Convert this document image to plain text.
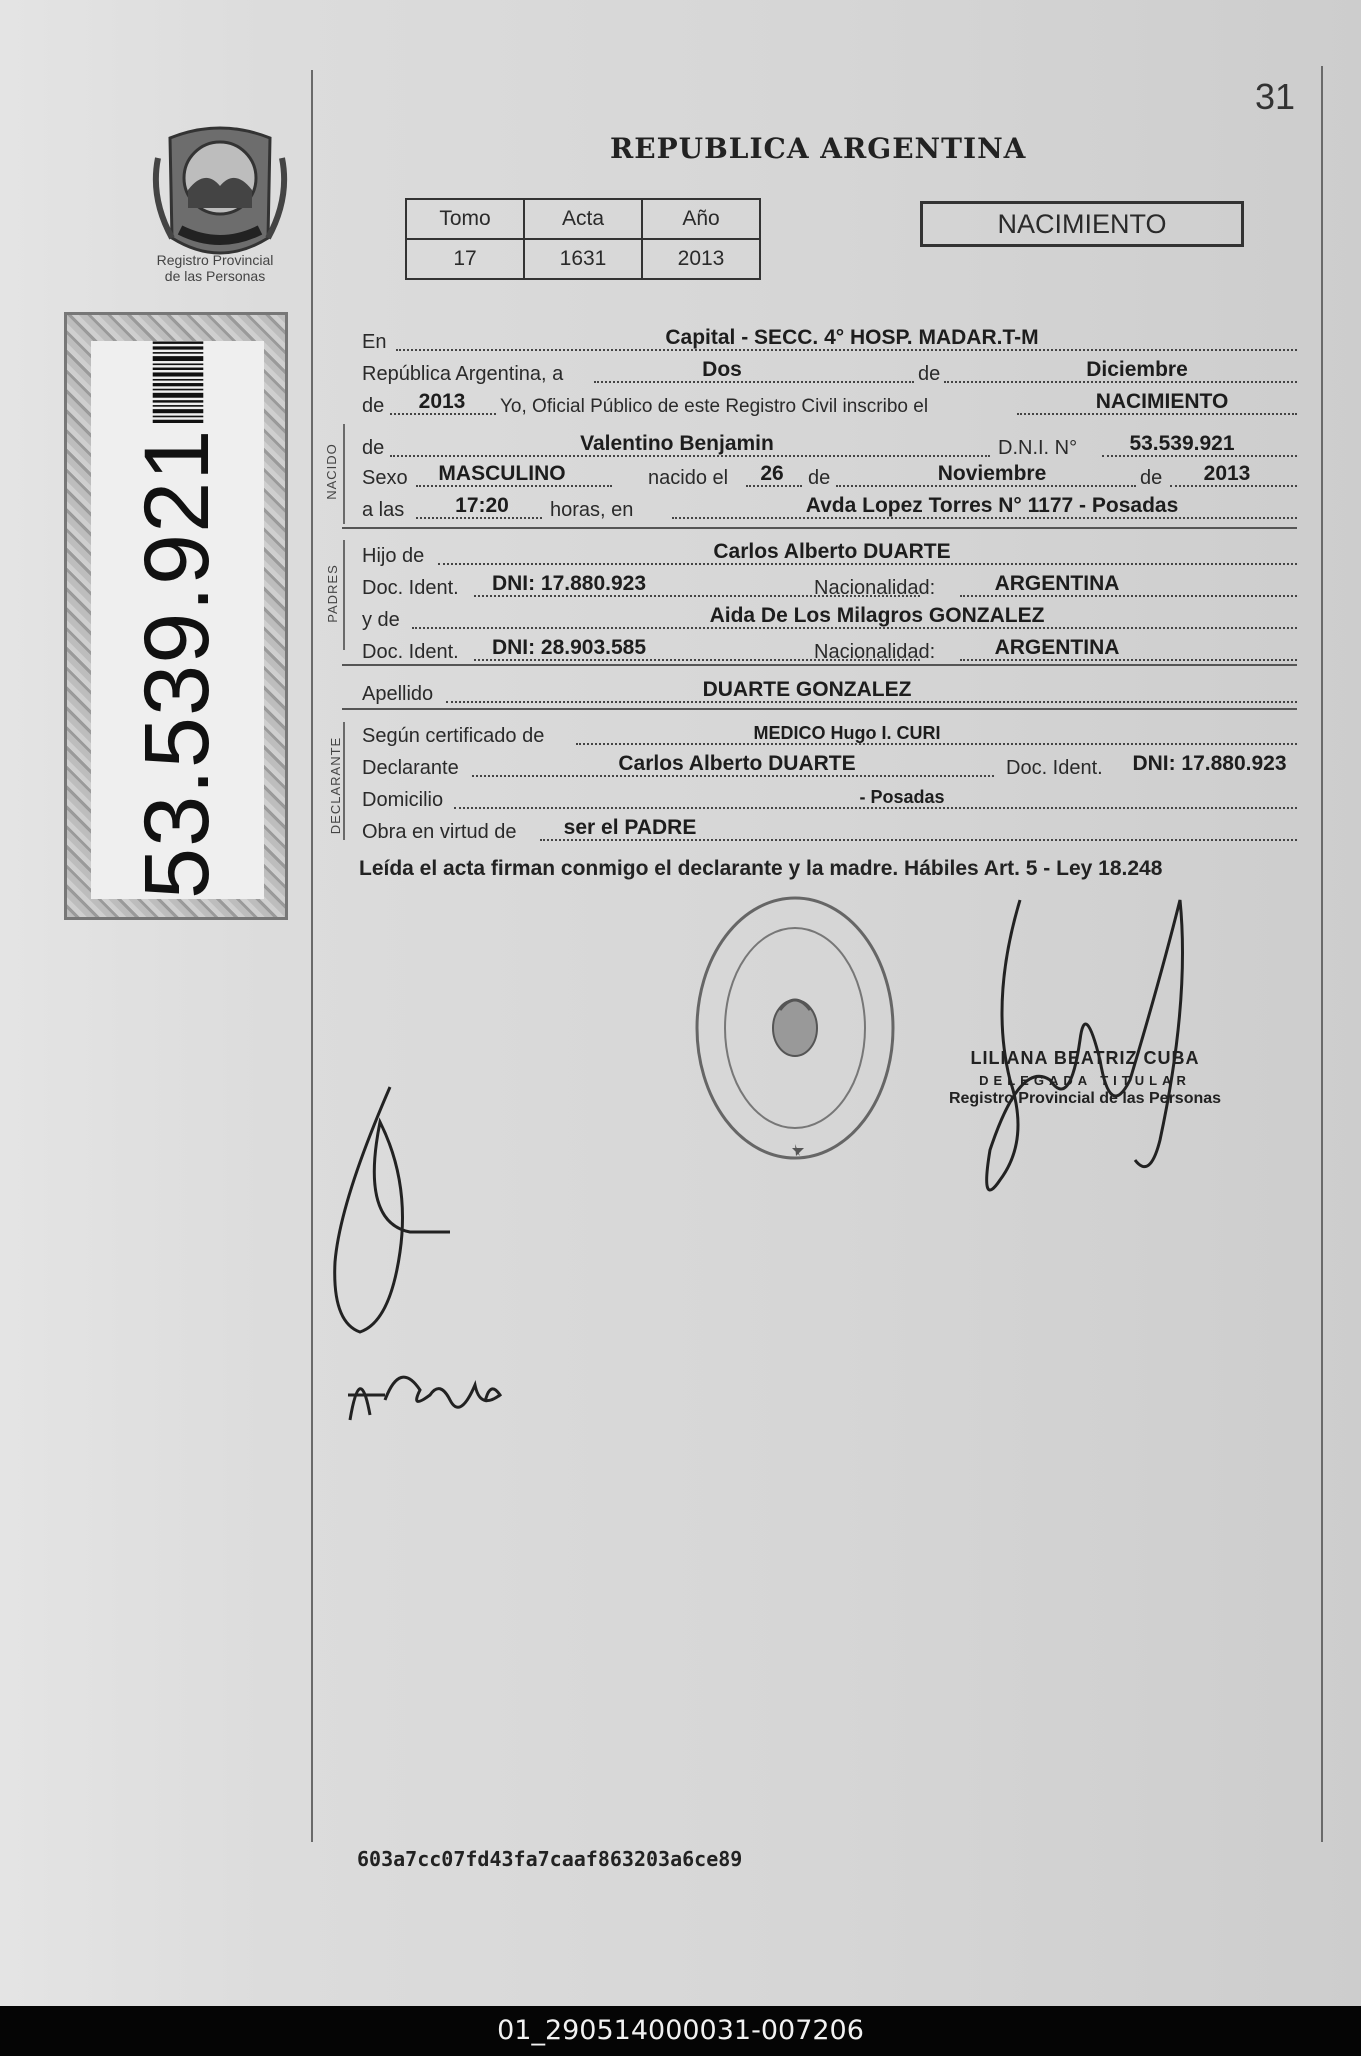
31
REPUBLICA ARGENTINA
Registro Provincial
de las Personas
53.539.921
Tomo	Acta	Año
17	1631	2013
NACIMIENTO
NACIDO
PADRES
DECLARANTE
En	Capital - SECC. 4° HOSP. MADAR.T-M
República Argentina, a	Dos	de	Diciembre
de	2013	Yo, Oficial Público de este Registro Civil inscribo el	NACIMIENTO
de	Valentino Benjamin	D.N.I. N°	53.539.921
Sexo	MASCULINO	nacido el	26	de	Noviembre	de	2013
a las	17:20	horas, en	Avda Lopez Torres N° 1177 - Posadas
Hijo de	Carlos Alberto DUARTE
Doc. Ident.	DNI: 17.880.923	Nacionalidad:	ARGENTINA
y de	Aida De Los Milagros GONZALEZ
Doc. Ident.	DNI: 28.903.585	Nacionalidad:	ARGENTINA
Apellido	DUARTE GONZALEZ
Según certificado de	MEDICO Hugo I. CURI
Declarante	Carlos Alberto DUARTE	Doc. Ident.	DNI: 17.880.923
Domicilio	- Posadas
Obra en virtud de	ser el PADRE
Leída el acta firman conmigo el declarante y la madre. Hábiles Art. 5 - Ley 18.248
LILIANA BEATRIZ CUBA
DELEGADA TITULAR
Registro Provincial de las Personas
603a7cc07fd43fa7caaf863203a6ce89
01_290514000031-007206
